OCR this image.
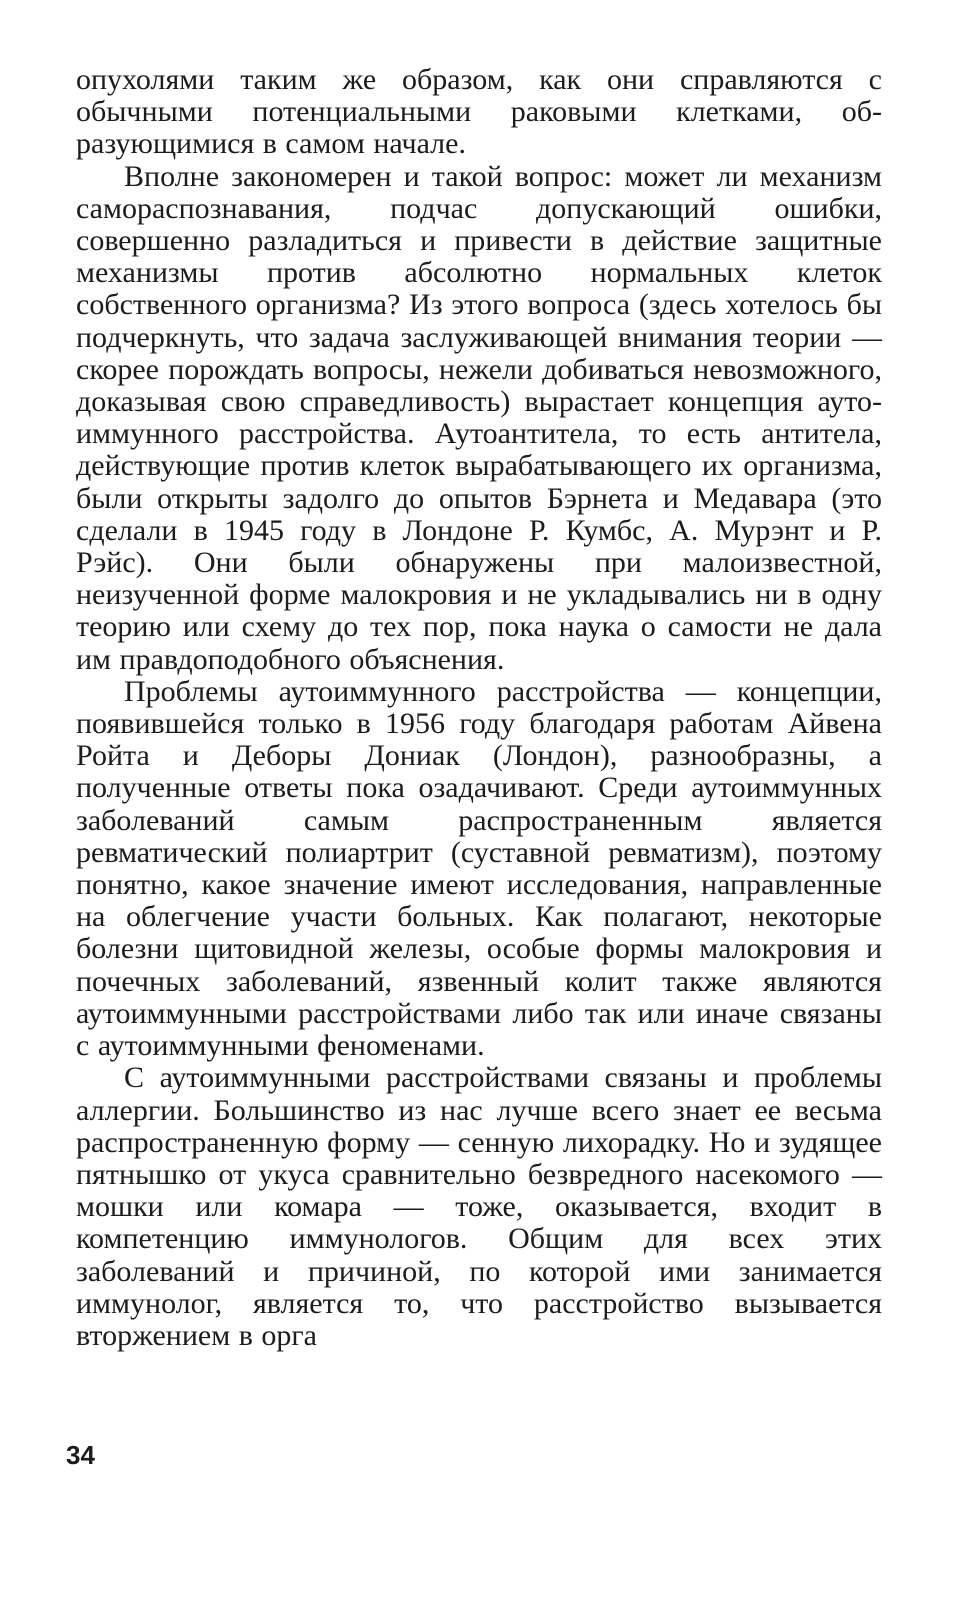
опухолями таким же образом, как они справляются с обычными потенциальными раковыми клетками, образующимися в самом начале.

Вполне закономерен и такой вопрос: может ли механизм самораспознавания, подчас допускающий ошибки, совершенно разладиться и привести в действие защитные механизмы против абсолютно нормальных клеток собственного организма? Из этого вопроса (здесь хотелось бы подчеркнуть, что задача заслуживающей внимания теории — скорее порождать вопросы, нежели добиваться невозможного, доказывая свою справедливость) вырастает концепция аутоиммунного расстройства. Аутоантитела, то есть антитела, действующие против клеток вырабатывающего их организма, были открыты задолго до опытов Бэрнета и Медавара (это сделали в 1945 году в Лондоне Р. Кумбс, А. Мурэнт и Р. Рэйс). Они были обнаружены при малоизвестной, неизученной форме малокровия и не укладывались ни в одну теорию или схему до тех пор, пока наука о самости не дала им правдоподобного объяснения.

Проблемы аутоиммунного расстройства — концепции, появившейся только в 1956 году благодаря работам Айвена Ройта и Деборы Дониак (Лондон), разнообразны, а полученные ответы пока озадачивают. Среди аутоиммунных заболеваний самым распространенным является ревматический полиартрит (суставной ревматизм), поэтому понятно, какое значение имеют исследования, направленные на облегчение участи больных. Как полагают, некоторые болезни щитовидной железы, особые формы малокровия и почечных заболеваний, язвенный колит также являются аутоиммунными расстройствами либо так или иначе связаны с аутоиммунными феноменами.

С аутоиммунными расстройствами связаны и проблемы аллергии. Большинство из нас лучше всего знает ее весьма распространенную форму — сенную лихорадку. Но и зудящее пятнышко от укуса сравнительно безвредного насекомого — мошки или комара — тоже, оказывается, входит в компетенцию иммунологов. Общим для всех этих заболеваний и причиной, по которой ими занимается иммунолог, является то, что расстройство вызывается вторжением в орга

34
